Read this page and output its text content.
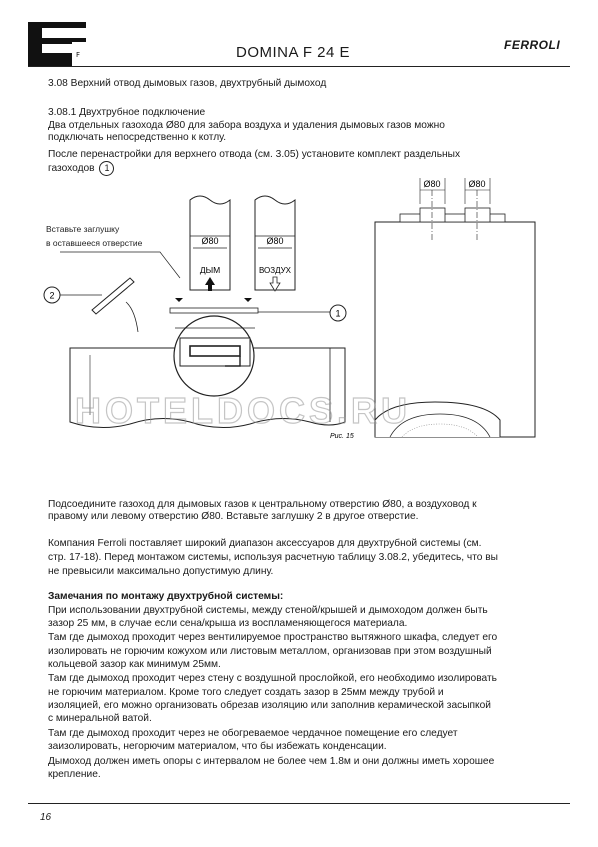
F	DOMINA F 24 E	FERROLI
3.08 Верхний отвод дымовых газов, двухтрубный дымоход
3.08.1 Двухтрубное подключение
Два отдельных газохода Ø80 для забора воздуха и удаления дымовых газов можно
подключать непосредственно к котлу.
После перенастройки для верхнего отвода (см. 3.05) установите комплект раздельных
газоходов 1
Вставьте заглушку
в оставшееся отверстие	Ø80
ДЫМ
Ø80
ВОЗДУХ
2
1
Ø80	Ø80
Рис. 15
HOTELDOCS.RU
Подсоедините газоход для дымовых газов к центральному отверстию Ø80, а воздуховод к
правому или левому отверстию Ø80. Вставьте заглушку 2 в другое отверстие.
Компания Ferroli поставляет широкий диапазон аксессуаров для двухтрубной системы (см.
стр. 17-18). Перед монтажом системы, используя расчетную таблицу 3.08.2, убедитесь, что вы
не превысили максимально допустимую длину.
Замечания по монтажу двухтрубной системы:
При использовании двухтрубной системы, между стеной/крышей и дымоходом должен быть
зазор 25 мм, в случае если сена/крыша из воспламеняющегося материала.
Там где дымоход проходит через вентилируемое пространство вытяжного шкафа, следует его
изолировать не горючим кожухом или листовым металлом, организовав при этом воздушный
кольцевой зазор как минимум 25мм.
Там где дымоход проходит через стену с воздушной прослойкой, его необходимо изолировать
не горючим материалом. Кроме того следует создать зазор в 25мм между трубой и
изоляцией, его можно организовать обрезав изоляцию или заполнив керамической засыпкой
с минеральной ватой.
Там где дымоход проходит через не обогреваемое чердачное помещение его следует
заизолировать, негорючим материалом, что бы избежать конденсации.
Дымоход должен иметь опоры с интервалом не более чем 1.8м и они должны иметь хорошее
крепление.
16
